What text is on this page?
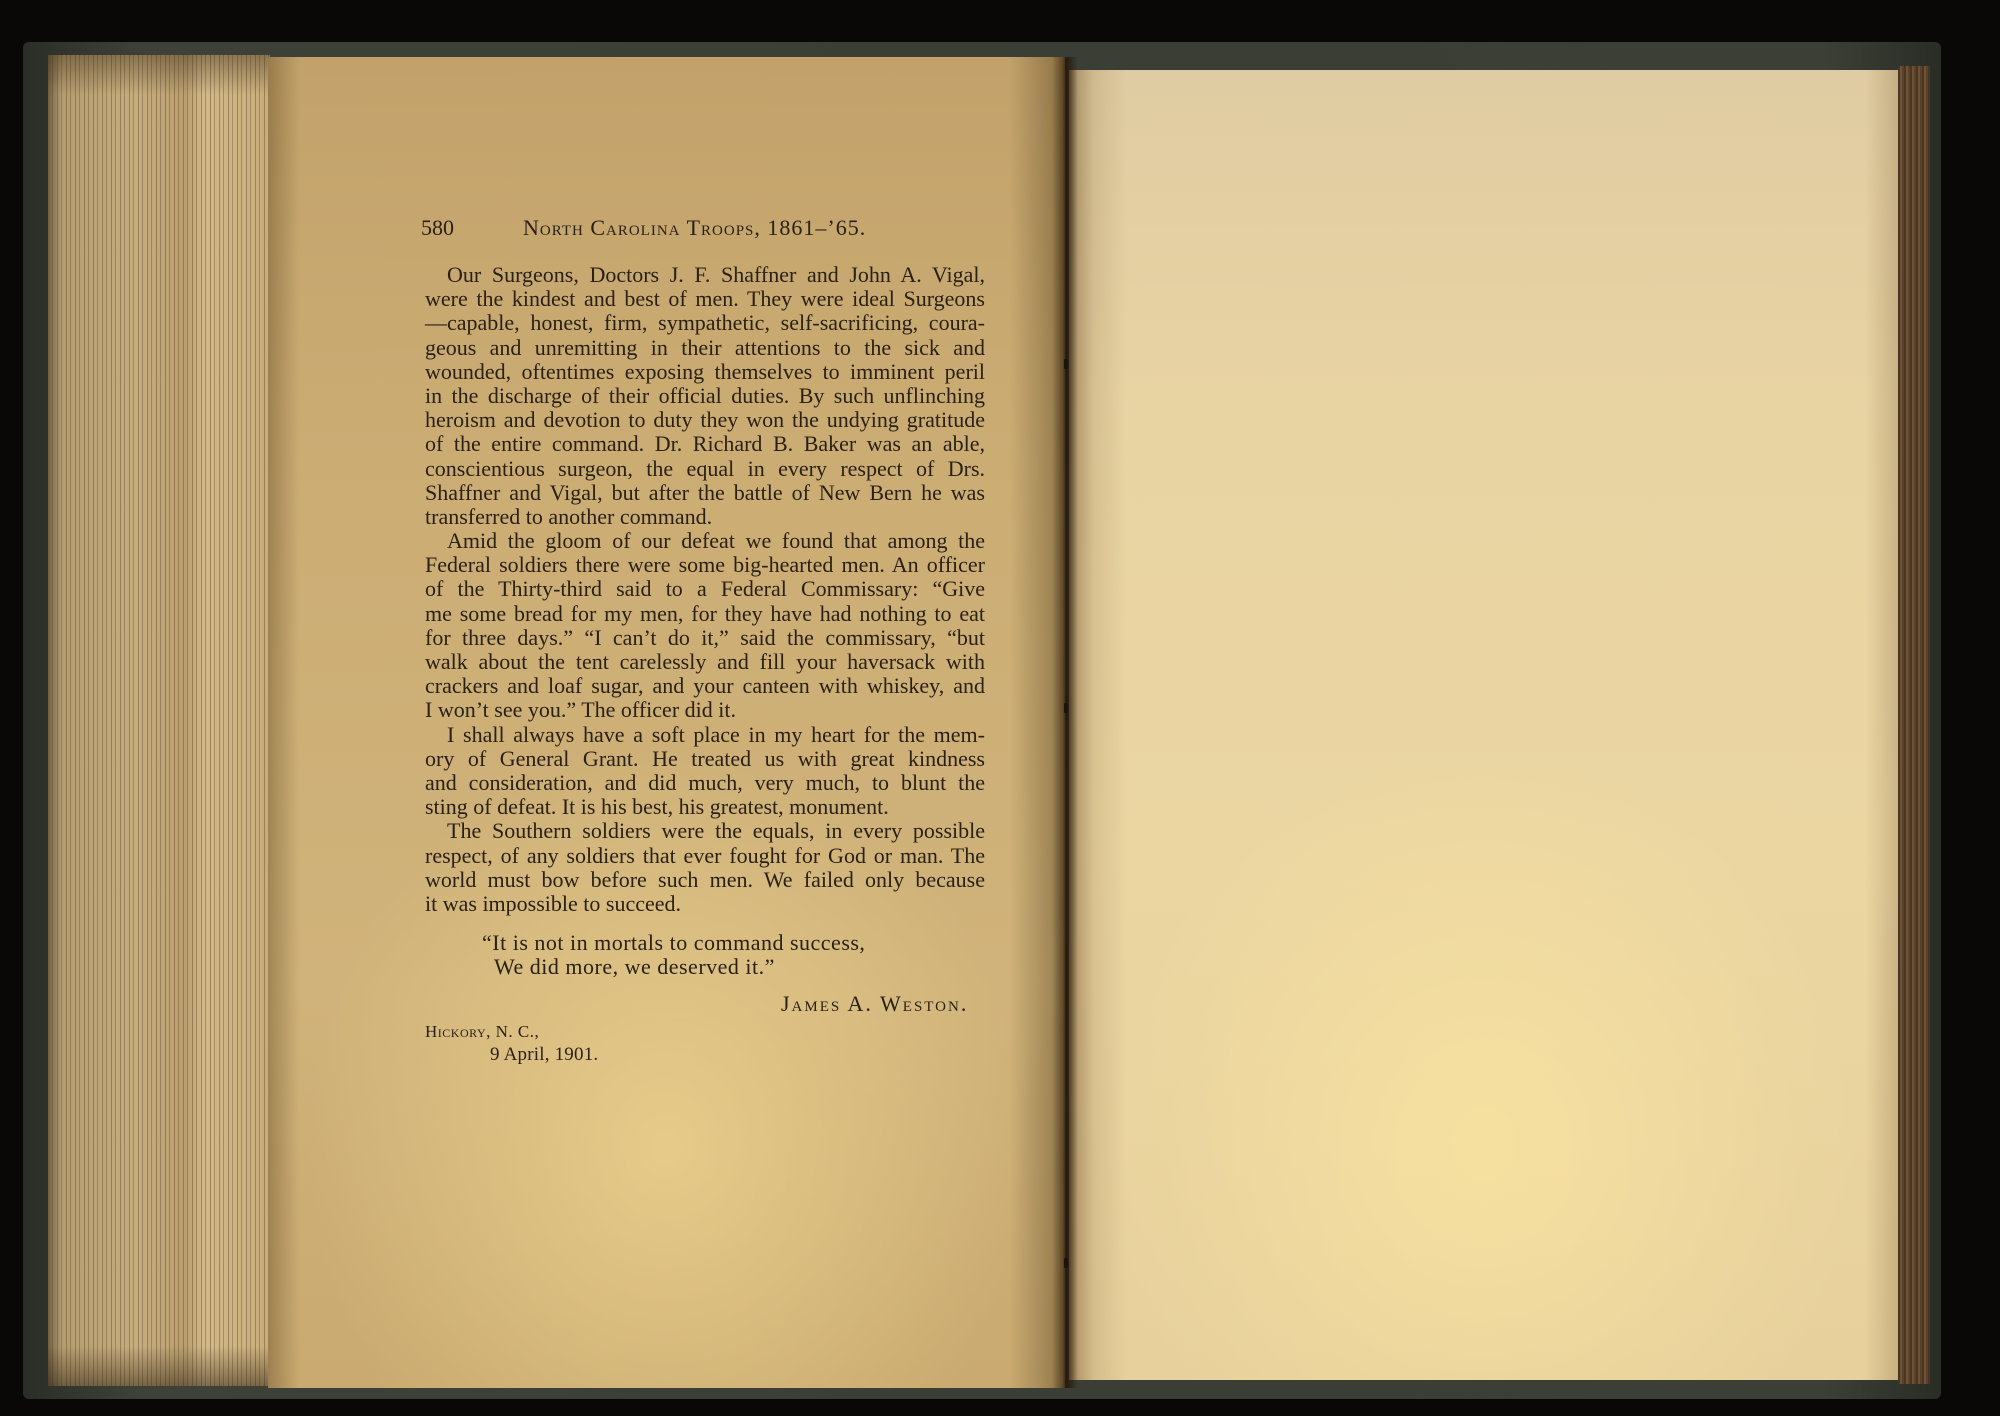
580	North Carolina Troops, 1861–’65.
Our Surgeons, Doctors J. F. Shaffner and John A. Vigal,
were the kindest and best of men. They were ideal Surgeons
—capable, honest, firm, sympathetic, self-sacrificing, coura-
geous and unremitting in their attentions to the sick and
wounded, oftentimes exposing themselves to imminent peril
in the discharge of their official duties. By such unflinching
heroism and devotion to duty they won the undying gratitude
of the entire command. Dr. Richard B. Baker was an able,
conscientious surgeon, the equal in every respect of Drs.
Shaffner and Vigal, but after the battle of New Bern he was
transferred to another command.
Amid the gloom of our defeat we found that among the
Federal soldiers there were some big-hearted men. An officer
of the Thirty-third said to a Federal Commissary: “Give
me some bread for my men, for they have had nothing to eat
for three days.” “I can’t do it,” said the commissary, “but
walk about the tent carelessly and fill your haversack with
crackers and loaf sugar, and your canteen with whiskey, and
I won’t see you.” The officer did it.
I shall always have a soft place in my heart for the mem-
ory of General Grant. He treated us with great kindness
and consideration, and did much, very much, to blunt the
sting of defeat. It is his best, his greatest, monument.
The Southern soldiers were the equals, in every possible
respect, of any soldiers that ever fought for God or man. The
world must bow before such men. We failed only because
it was impossible to succeed.
“It is not in mortals to command success,
We did more, we deserved it.”
James A. Weston.
Hickory, N. C.,
9 April, 1901.
